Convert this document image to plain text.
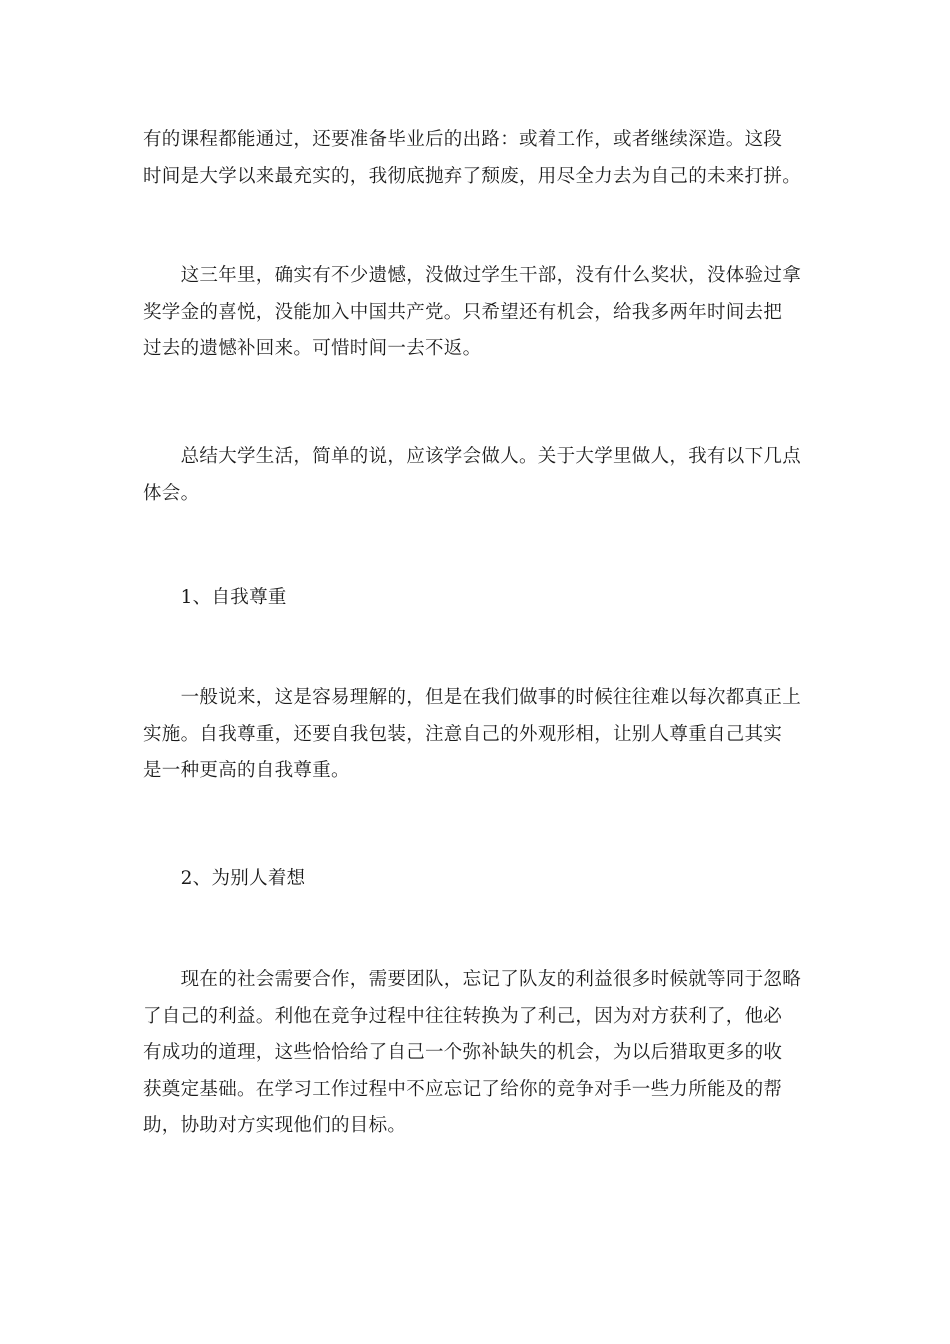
有的课程都能通过，还要准备毕业后的出路：或着工作，或者继续深造。这段
时间是大学以来最充实的，我彻底抛弃了颓废，用尽全力去为自己的未来打拼。
　　这三年里，确实有不少遗憾，没做过学生干部，没有什么奖状，没体验过拿
奖学金的喜悦，没能加入中国共产党。只希望还有机会，给我多两年时间去把
过去的遗憾补回来。可惜时间一去不返。
　　总结大学生活，简单的说，应该学会做人。关于大学里做人，我有以下几点
体会。
　　1、自我尊重
　　一般说来，这是容易理解的，但是在我们做事的时候往往难以每次都真正上
实施。自我尊重，还要自我包装，注意自己的外观形相，让别人尊重自己其实
是一种更高的自我尊重。
　　2、为别人着想
　　现在的社会需要合作，需要团队，忘记了队友的利益很多时候就等同于忽略
了自己的利益。利他在竞争过程中往往转换为了利己，因为对方获利了，他必
有成功的道理，这些恰恰给了自己一个弥补缺失的机会，为以后猎取更多的收
获奠定基础。在学习工作过程中不应忘记了给你的竞争对手一些力所能及的帮
助，协助对方实现他们的目标。
